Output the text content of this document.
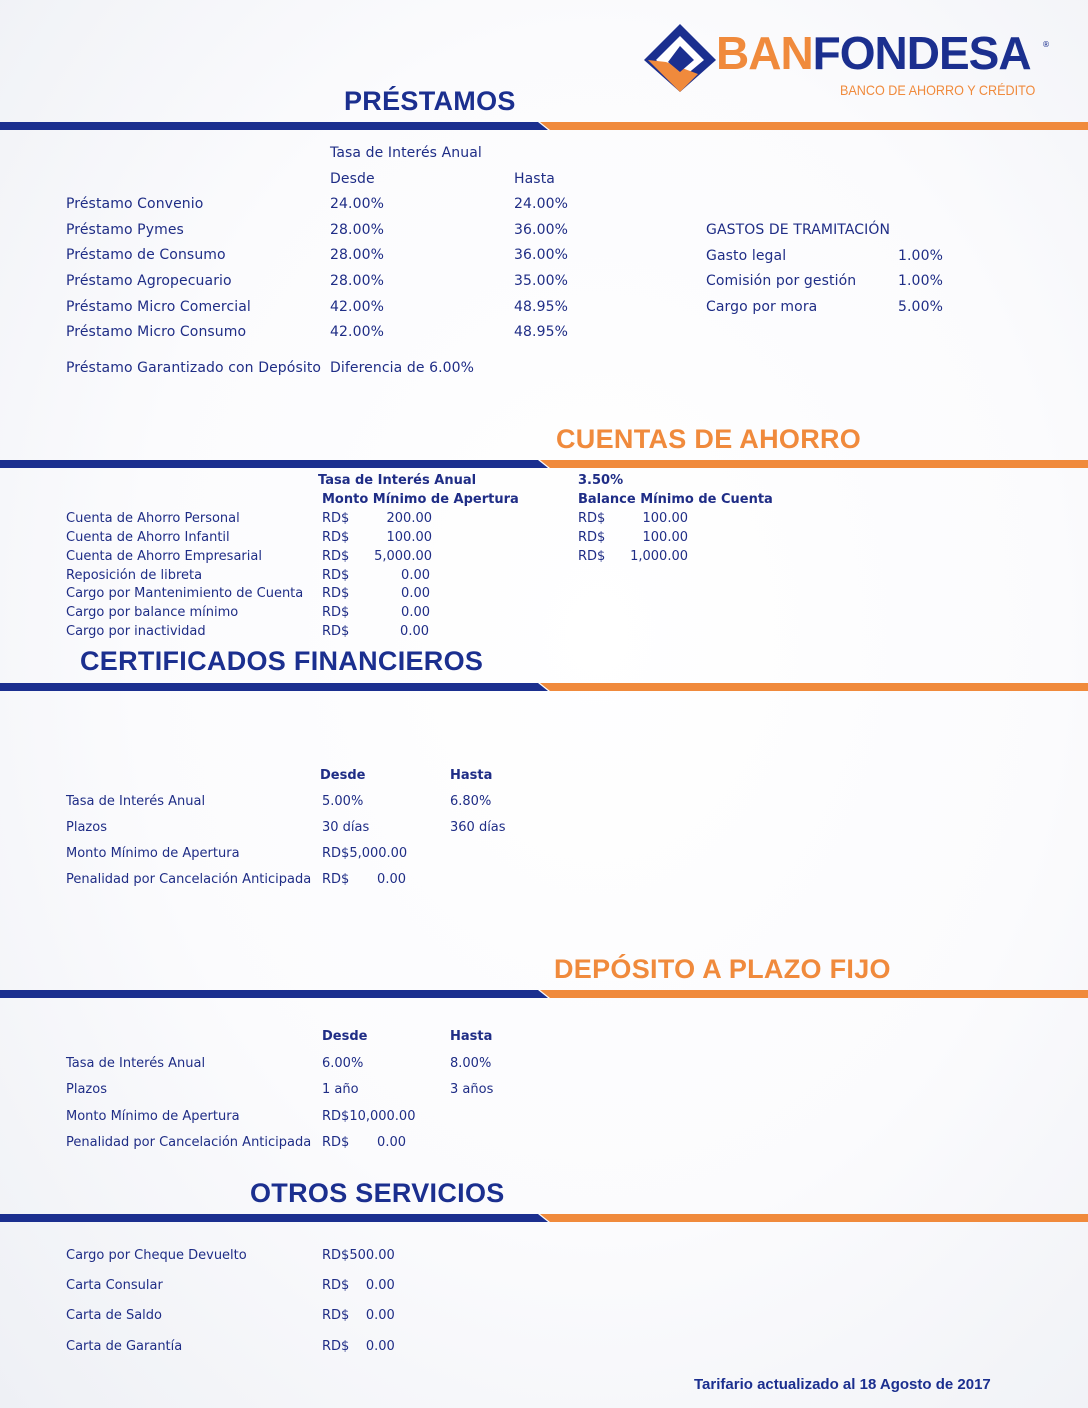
BANFONDESA ®
BANCO DE AHORRO Y CRÉDITO
PRÉSTAMOS
Tasa de Interés Anual
Desde	Hasta
Préstamo Convenio	24.00%	24.00%
Préstamo Pymes	28.00%	36.00%
Préstamo de Consumo	28.00%	36.00%
Préstamo Agropecuario	28.00%	35.00%
Préstamo Micro Comercial	42.00%	48.95%
Préstamo Micro Consumo	42.00%	48.95%
Préstamo Garantizado con Depósito Diferencia de 6.00%
GASTOS DE TRAMITACIÓN
Gasto legal	1.00%
Comisión por gestión	1.00%
Cargo por mora	5.00%
CUENTAS DE AHORRO
Tasa de Interés Anual	3.50%
Monto Mínimo de Apertura	Balance Mínimo de Cuenta
Cuenta de Ahorro Personal	RD$	200.00	RD$	100.00
Cuenta de Ahorro Infantil	RD$	100.00	RD$	100.00
Cuenta de Ahorro Empresarial	RD$	5,000.00	RD$	1,000.00
Reposición de libreta	RD$	0.00
Cargo por Mantenimiento de Cuenta RD$	0.00
Cargo por balance mínimo	RD$	0.00
Cargo por inactividad	RD$	0.00
CERTIFICADOS FINANCIEROS
Desde	Hasta
Tasa de Interés Anual	5.00%	6.80%
Plazos	30 días	360 días
Monto Mínimo de Apertura	RD$5,000.00
Penalidad por Cancelación Anticipada RD$	0.00
DEPÓSITO A PLAZO FIJO
Desde	Hasta
Tasa de Interés Anual	6.00%	8.00%
Plazos	1 año	3 años
Monto Mínimo de Apertura	RD$10,000.00
Penalidad por Cancelación Anticipada RD$	0.00
OTROS SERVICIOS
Cargo por Cheque Devuelto	RD$500.00
Carta Consular	RD$    0.00
Carta de Saldo	RD$    0.00
Carta de Garantía	RD$    0.00
Tarifario actualizado al 18 Agosto de 2017
